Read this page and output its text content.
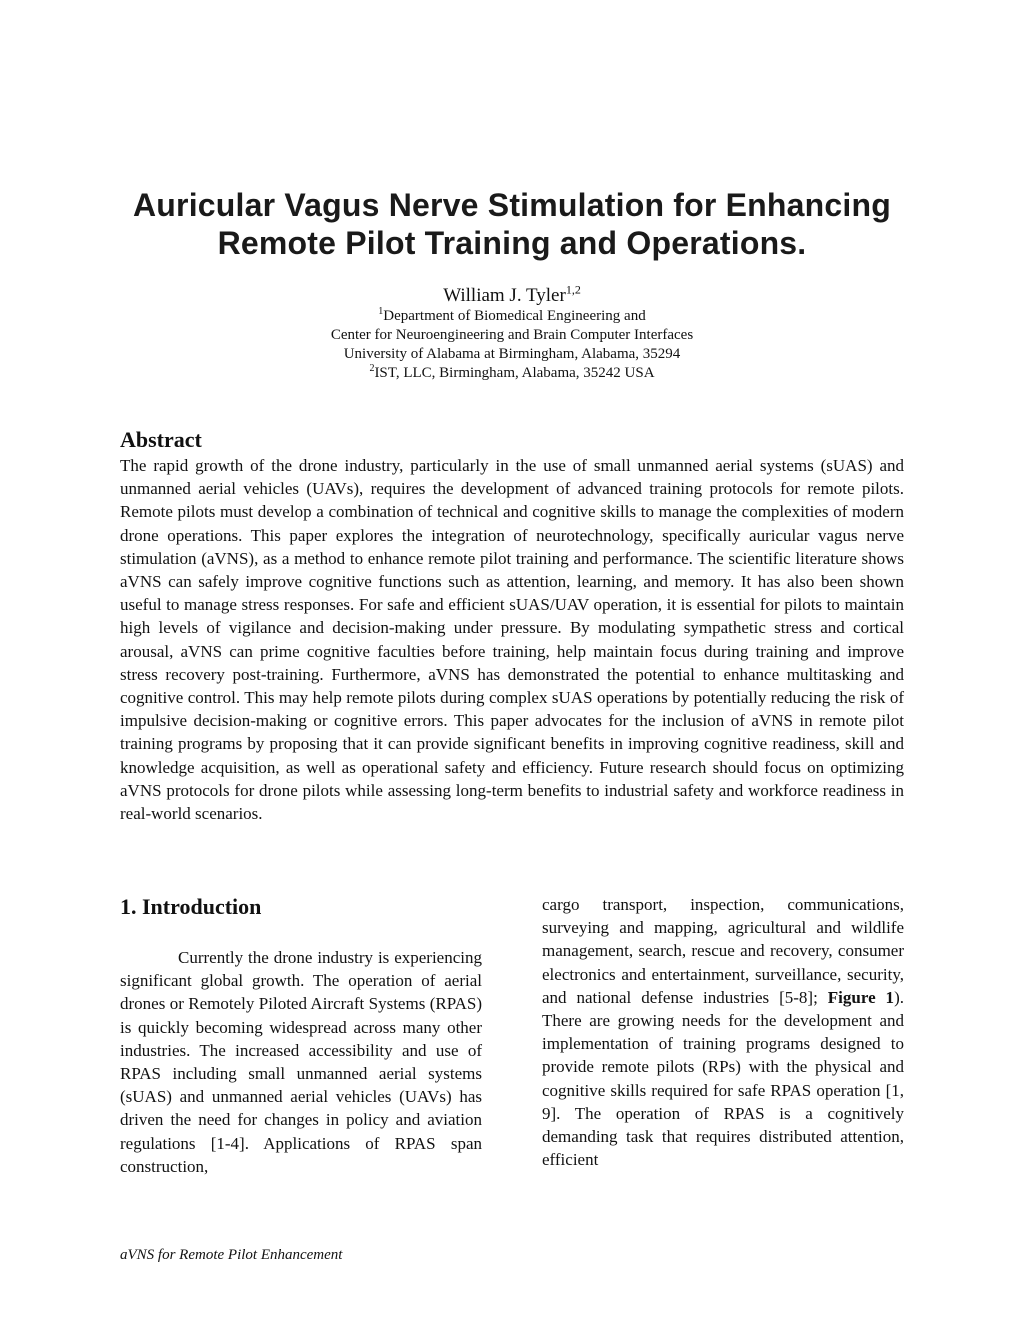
Auricular Vagus Nerve Stimulation for Enhancing
Remote Pilot Training and Operations.
William J. Tyler$^{1,2}$
$^1$Department of Biomedical Engineering and
Center for Neuroengineering and Brain Computer Interfaces
University of Alabama at Birmingham, Alabama, 35294
$^2$IST, LLC, Birmingham, Alabama, 35242 USA
Abstract

The rapid growth of the drone industry, particularly in the use of small unmanned aerial systems (sUAS) and unmanned aerial vehicles (UAVs), requires the development of advanced training protocols for remote pilots. Remote pilots must develop a combination of technical and cognitive skills to manage the complexities of modern drone operations. This paper explores the integration of neurotechnology, specifically auricular vagus nerve stimulation (aVNS), as a method to enhance remote pilot training and performance. The scientific literature shows aVNS can safely improve cognitive functions such as attention, learning, and memory. It has also been shown useful to manage stress responses. For safe and efficient sUAS/UAV operation, it is essential for pilots to maintain high levels of vigilance and decision-making under pressure. By modulating sympathetic stress and cortical arousal, aVNS can prime cognitive faculties before training, help maintain focus during training and improve stress recovery post-training. Furthermore, aVNS has demonstrated the potential to enhance multitasking and cognitive control. This may help remote pilots during complex sUAS operations by potentially reducing the risk of impulsive decision-making or cognitive errors. This paper advocates for the inclusion of aVNS in remote pilot training programs by proposing that it can provide significant benefits in improving cognitive readiness, skill and knowledge acquisition, as well as operational safety and efficiency. Future research should focus on optimizing aVNS protocols for drone pilots while assessing long-term benefits to industrial safety and workforce readiness in real-world scenarios.

1. Introduction

Currently the drone industry is experiencing significant global growth. The operation of aerial drones or Remotely Piloted Aircraft Systems (RPAS) is quickly becoming widespread across many other industries. The increased accessibility and use of RPAS including small unmanned aerial systems (sUAS) and unmanned aerial vehicles (UAVs) has driven the need for changes in policy and aviation regulations [1-4]. Applications of RPAS span construction,

cargo transport, inspection, communications, surveying and mapping, agricultural and wildlife management, search, rescue and recovery, consumer electronics and entertainment, surveillance, security, and national defense industries [5-8]; Figure 1). There are growing needs for the development and implementation of training programs designed to provide remote pilots (RPs) with the physical and cognitive skills required for safe RPAS operation [1, 9]. The operation of RPAS is a cognitively demanding task that requires distributed attention, efficient

aVNS for Remote Pilot Enhancement
